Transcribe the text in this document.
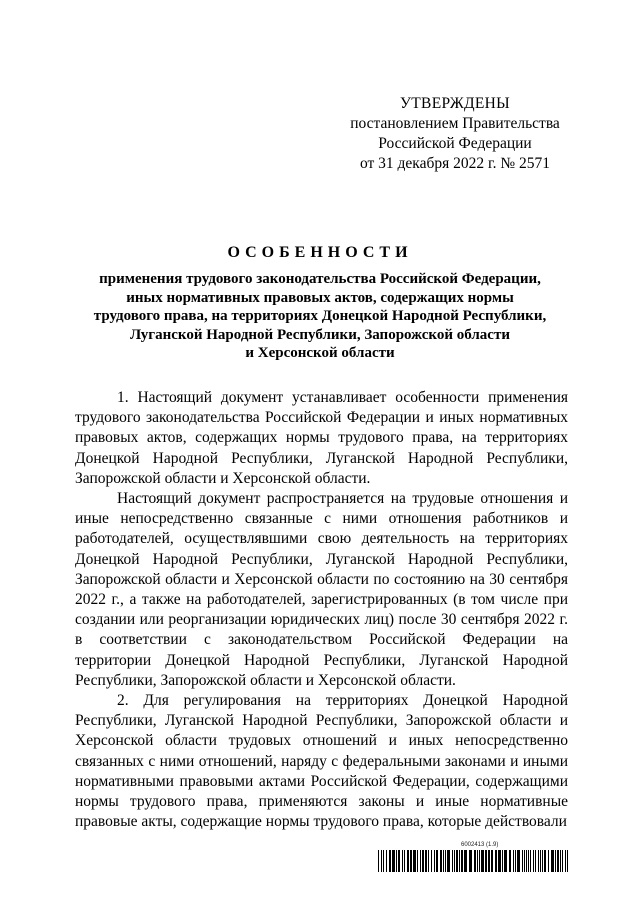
УТВЕРЖДЕНЫ
постановлением Правительства
Российской Федерации
от 31 декабря 2022 г. № 2571
ОСОБЕННОСТИ
применения трудового законодательства Российской Федерации,
иных нормативных правовых актов, содержащих нормы
трудового права, на территориях Донецкой Народной Республики,
Луганской Народной Республики, Запорожской области
и Херсонской области

1. Настоящий документ устанавливает особенности применения трудового законодательства Российской Федерации и иных нормативных правовых актов, содержащих нормы трудового права, на территориях Донецкой Народной Республики, Луганской Народной Республики, Запорожской области и Херсонской области.

Настоящий документ распространяется на трудовые отношения и иные непосредственно связанные с ними отношения работников и работодателей, осуществлявшими свою деятельность на территориях Донецкой Народной Республики, Луганской Народной Республики, Запорожской области и Херсонской области по состоянию на 30 сентября 2022 г., а также на работодателей, зарегистрированных (в том числе при создании или реорганизации юридических лиц) после 30 сентября 2022 г. в соответствии с законодательством Российской Федерации на территории Донецкой Народной Республики, Луганской Народной Республики, Запорожской области и Херсонской области.

2. Для регулирования на территориях Донецкой Народной Республики, Луганской Народной Республики, Запорожской области и Херсонской области трудовых отношений и иных непосредственно связанных с ними отношений, наряду с федеральными законами и иными нормативными правовыми актами Российской Федерации, содержащими нормы трудового права, применяются законы и иные нормативные правовые акты, содержащие нормы трудового права, которые действовали

6002413 (1.9)
